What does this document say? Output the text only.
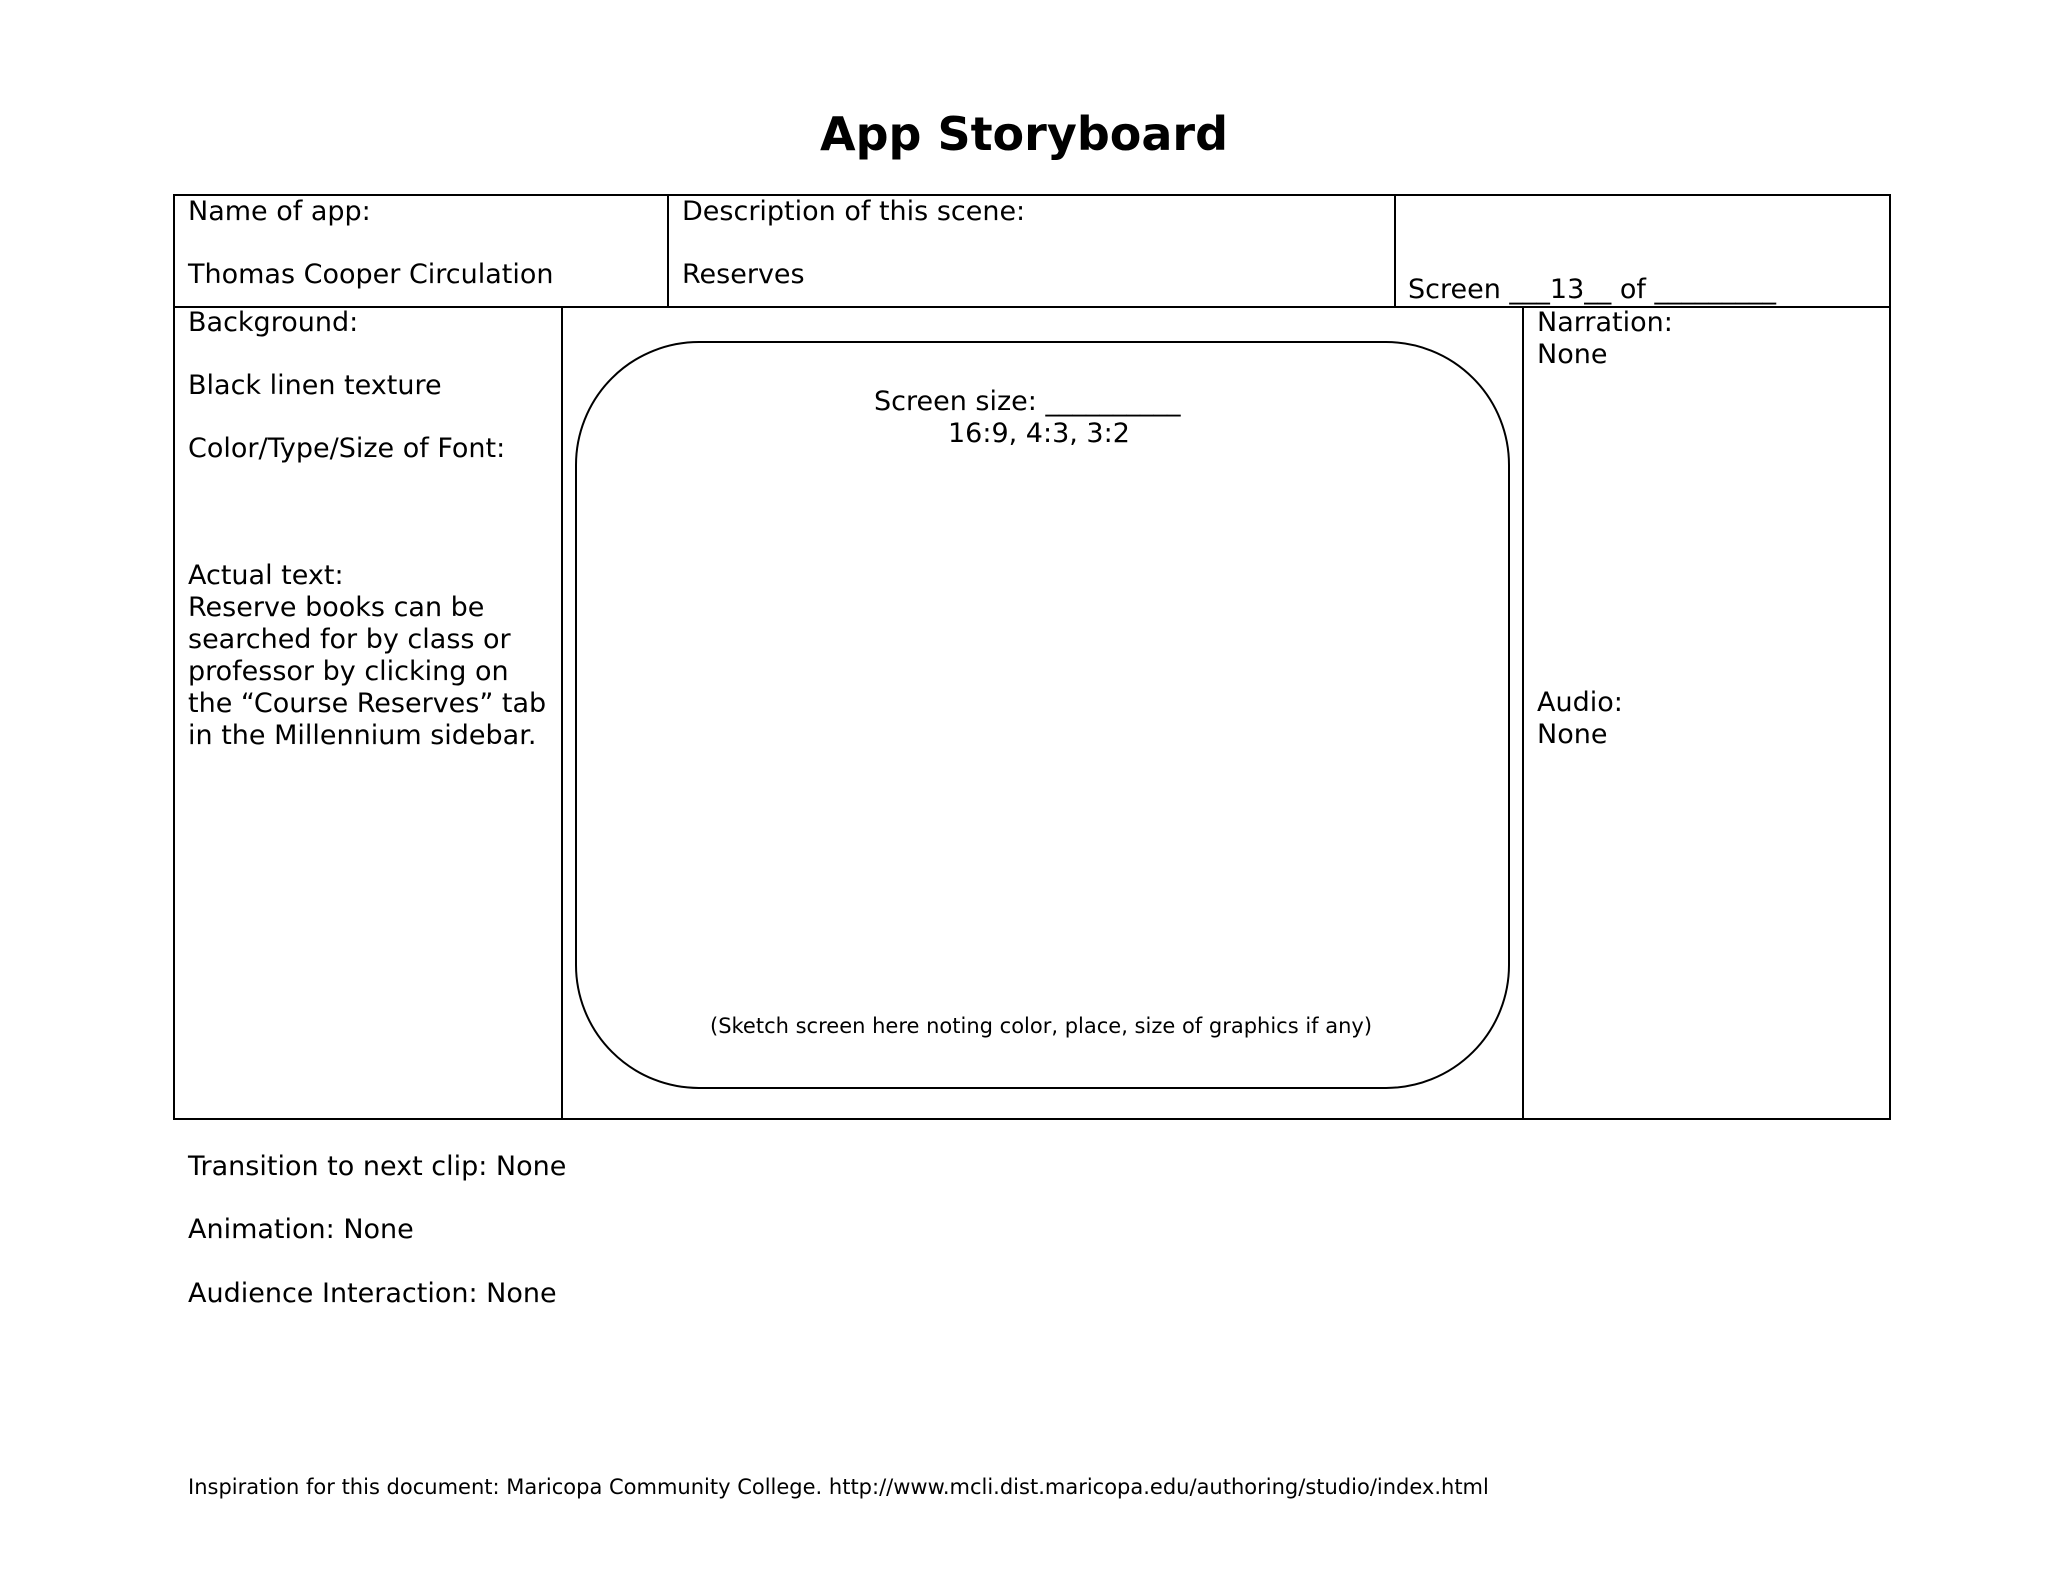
App Storyboard
Name of app:
Thomas Cooper Circulation
Description of this scene:
Reserves	Screen ___13__ of _________
Background:
Black linen texture
Color/Type/Size of Font:
Actual text:
Reserve books can be
searched for by class or
professor by clicking on
the “Course Reserves” tab
in the Millennium sidebar.
Screen size: __________
16:9, 4:3, 3:2
(Sketch screen here noting color, place, size of graphics if any)
Narration:
None
Audio:
None
Transition to next clip: None
Animation: None
Audience Interaction: None
Inspiration for this document: Maricopa Community College. http://www.mcli.dist.maricopa.edu/authoring/studio/index.html
